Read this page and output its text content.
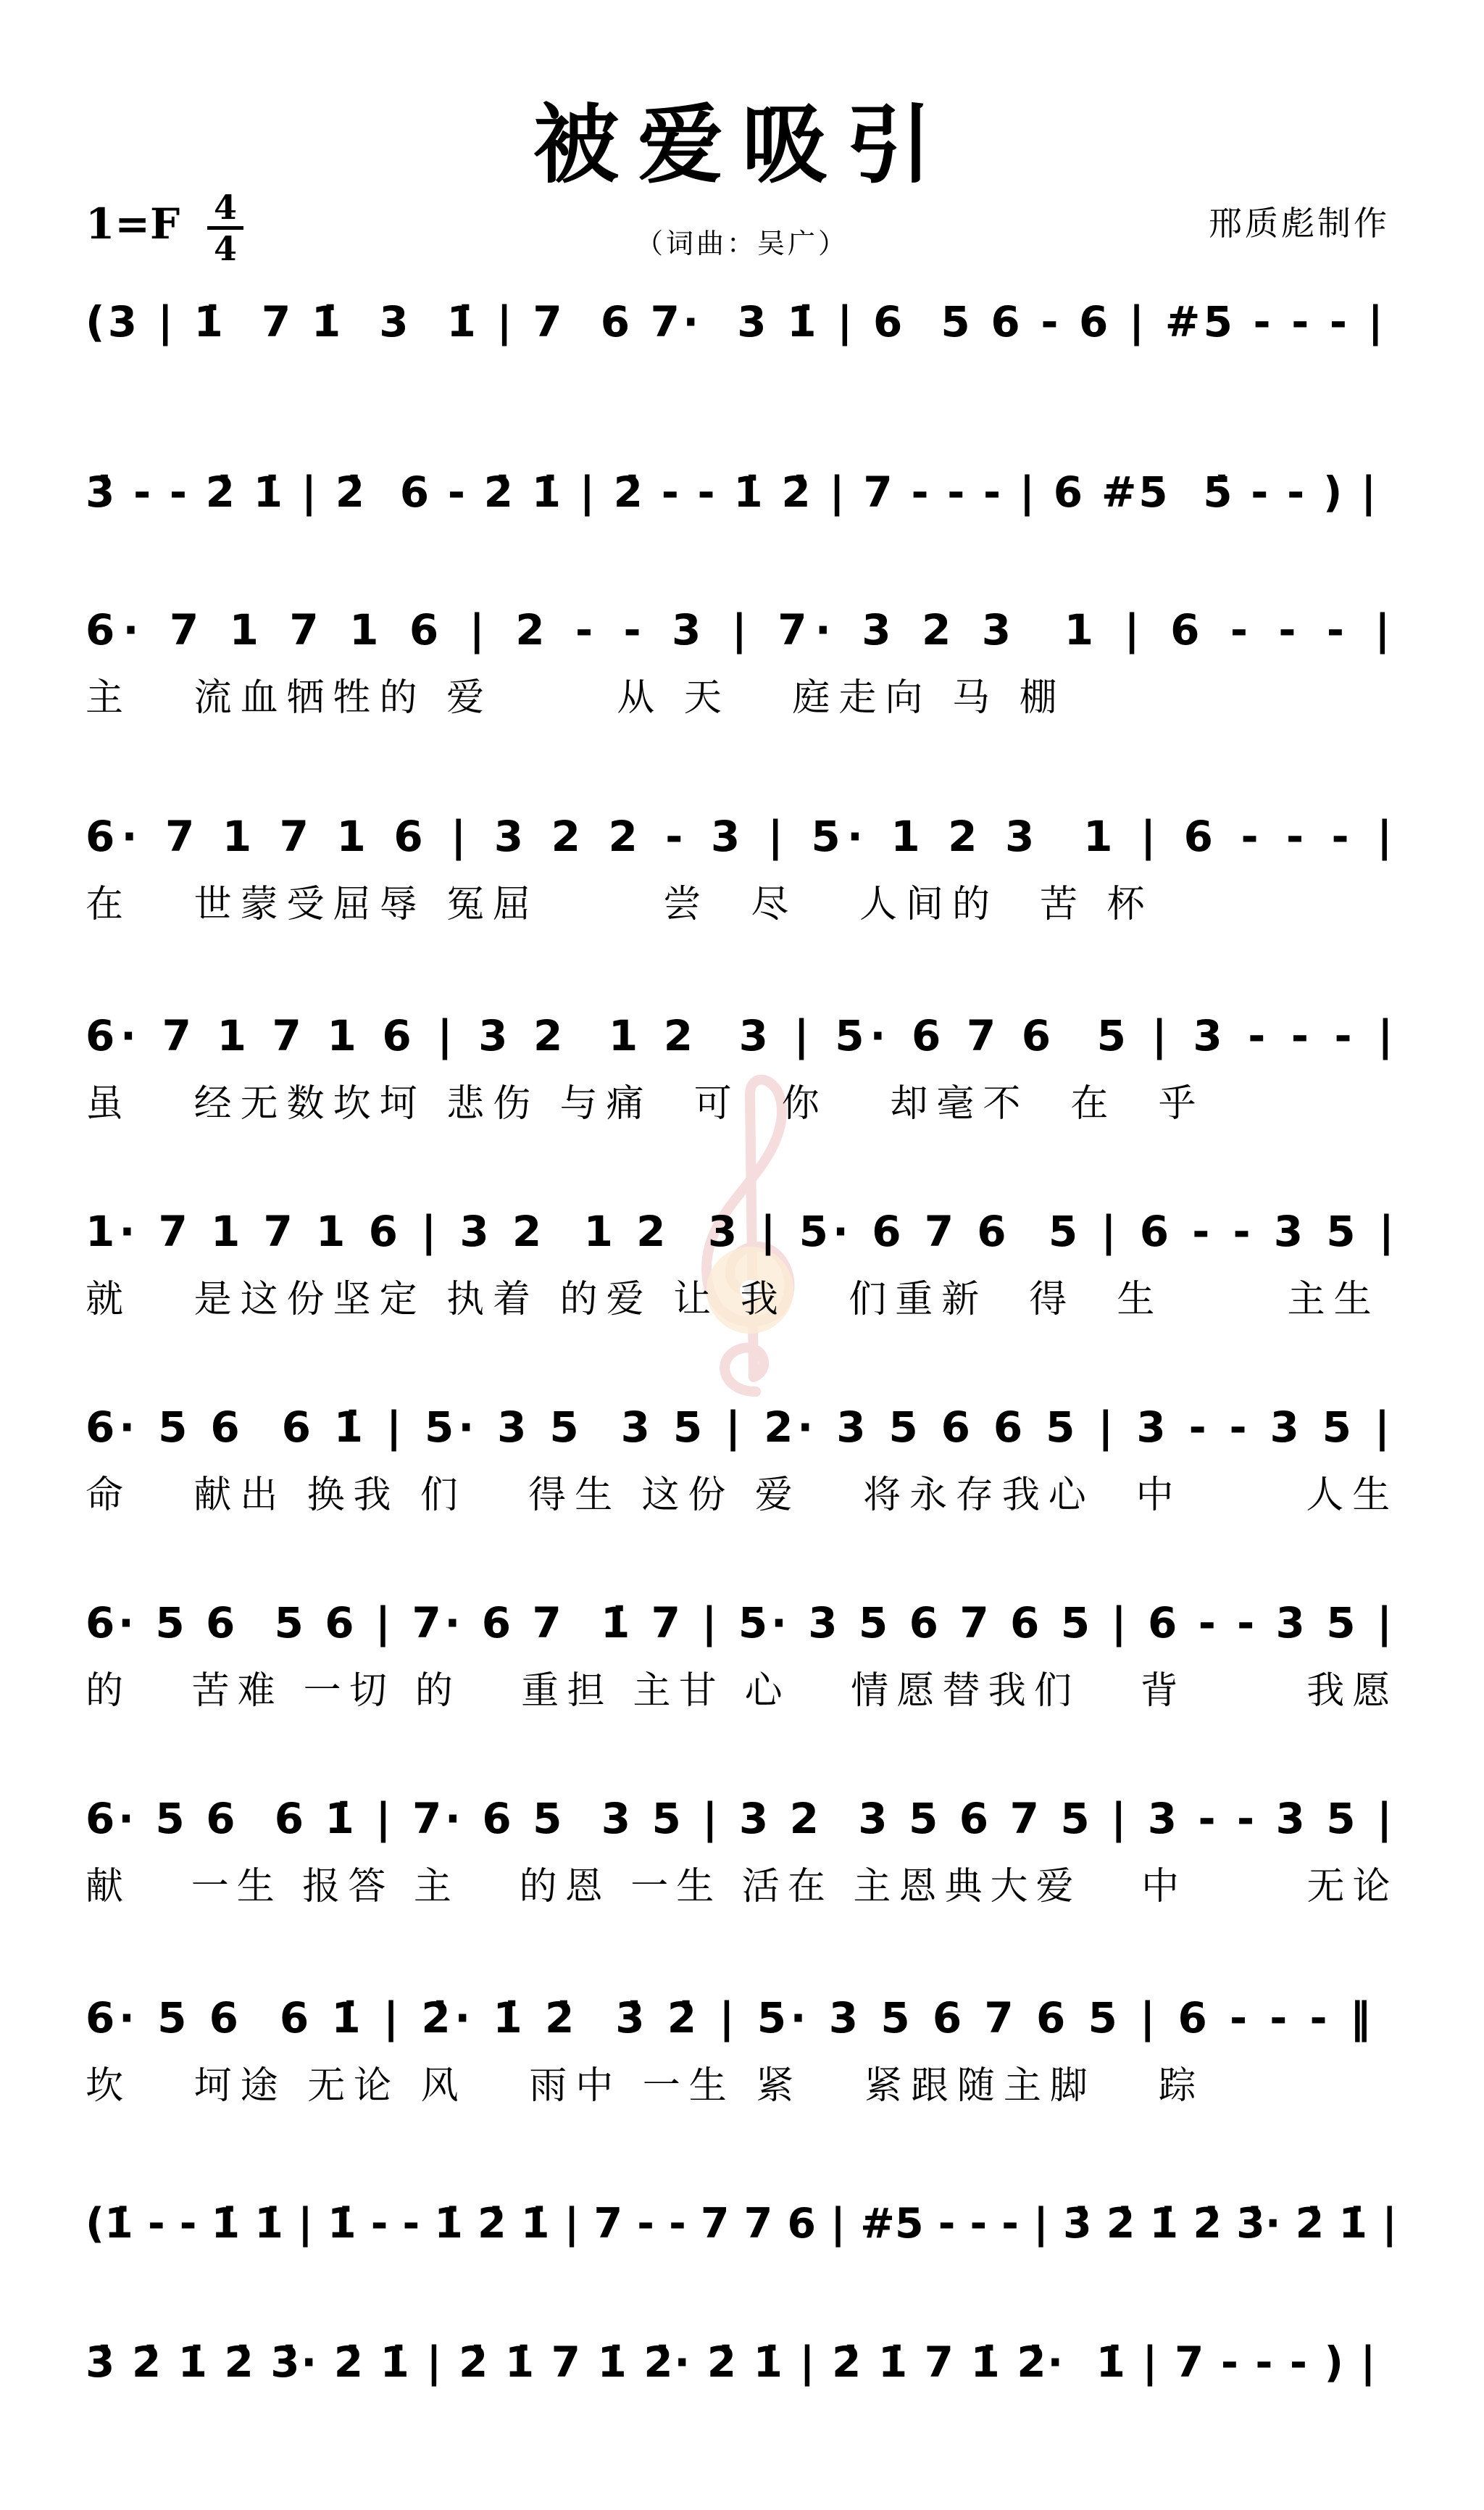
被爱吸引
1=F 4
4	（词曲：吴广）
邢质彪制作
(3 | 1̇  7 1̇  3  1̇ | 7  6 7·  3 1̇ | 6  5 6 - 6 | #5 - - - |
3̇ - - 2̇ 1̇ | 2̇  6 - 2̇ 1̇ | 2̇ - - 1̇ 2̇ | 7 - - - | 6 #5  5̇ - - ) |
6· 7 1 7 1 6 | 2 - - 3 | 7· 3 2 3  1 | 6 - - - |
主   流血牺牲的 爱      从 天   庭走向 马 棚
6· 7 1 7 1 6 | 3 2 2 - 3 | 5· 1 2 3  1 | 6 - - - |
在   世蒙受屈辱 冤屈      尝  尽   人间的  苦 杯
6· 7 1 7 1 6 | 3 2  1 2  3 | 5· 6 7 6  5 | 3 - - - |
虽   经无数坎坷 悲伤 与痛  可  你   却毫不  在  乎
1· 7 1 7 1 6 | 3 2  1 2  3 | 5· 6 7 6  5 | 6 - - 3 5 |
就   是这份坚定 执着 的爱 让 我   们重新  得  生      主生
6· 5 6  6 1̇ | 5· 3 5  3 5 | 2· 3 5 6 6 5 | 3 - - 3 5 |
命   献出 换我 们   得生 这份 爱   将永存我心  中      人生
6· 5 6  5 6 | 7· 6 7  1̇ 7 | 5· 3 5 6 7 6 5 | 6 - - 3 5 |
的   苦难 一切 的   重担 主甘 心   情愿替我们   背      我愿
6· 5 6  6 1̇ | 7· 6 5  3 5 | 3 2  3 5 6 7 5 | 3 - - 3 5 |
献   一生 报答 主   的恩 一生 活在 主恩典大爱   中      无论
6· 5 6  6 1̇ | 2̇· 1̇ 2̇  3̇ 2̇ | 5· 3 5 6 7 6 5 | 6 - - - ‖
坎   坷途 无论 风   雨中 一生 紧   紧跟随主脚   踪
(1̇ - - 1̇ 1̇ | 1̇ - - 1̇ 2̇ 1̇ | 7 - - 7 7 6 | #5 - - - | 3̇ 2̇ 1̇ 2̇ 3̇· 2̇ 1̇ |
3̇ 2̇ 1̇ 2̇ 3̇· 2̇ 1̇ | 2̇ 1̇ 7 1̇ 2̇· 2̇ 1̇ | 2̇ 1̇ 7 1̇ 2̇·  1̇ | 7 - - - ) |
